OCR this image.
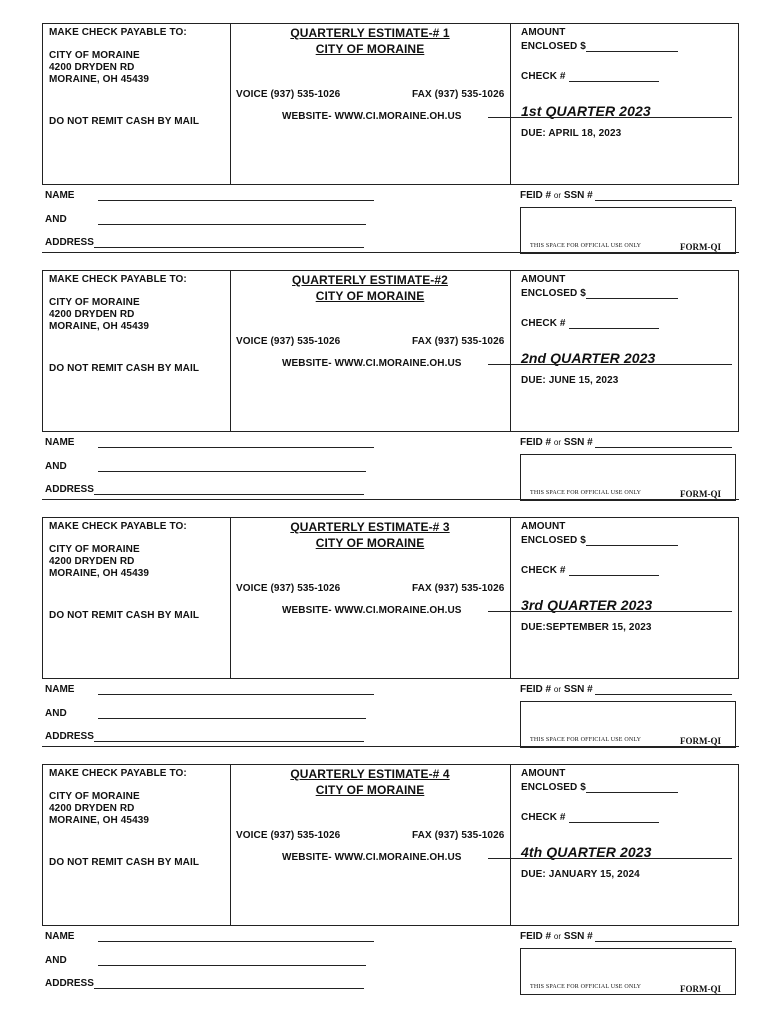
MAKE CHECK PAYABLE TO:
CITY OF MORAINE
4200 DRYDEN RD
MORAINE, OH 45439
DO NOT REMIT CASH BY MAIL
QUARTERLY ESTIMATE-# 1
CITY OF MORAINE
VOICE (937) 535-1026	FAX (937) 535-1026
WEBSITE- WWW.CI.MORAINE.OH.US
AMOUNT
ENCLOSED $
CHECK #
1st QUARTER 2023
DUE: APRIL 18, 2023
NAME
AND
ADDRESS
FEID # or SSN #
THIS SPACE FOR OFFICIAL USE ONLY	FORM-QI
MAKE CHECK PAYABLE TO:
CITY OF MORAINE
4200 DRYDEN RD
MORAINE, OH 45439
DO NOT REMIT CASH BY MAIL
QUARTERLY ESTIMATE-#2
CITY OF MORAINE
VOICE (937) 535-1026	FAX (937) 535-1026
WEBSITE- WWW.CI.MORAINE.OH.US
AMOUNT
ENCLOSED $
CHECK #
2nd QUARTER 2023
DUE: JUNE 15, 2023
NAME
AND
ADDRESS
FEID # or SSN #
THIS SPACE FOR OFFICIAL USE ONLY	FORM-QI
MAKE CHECK PAYABLE TO:
CITY OF MORAINE
4200 DRYDEN RD
MORAINE, OH 45439
DO NOT REMIT CASH BY MAIL
QUARTERLY ESTIMATE-# 3
CITY OF MORAINE
VOICE (937) 535-1026	FAX (937) 535-1026
WEBSITE- WWW.CI.MORAINE.OH.US
AMOUNT
ENCLOSED $
CHECK #
3rd QUARTER 2023
DUE:SEPTEMBER 15, 2023
NAME
AND
ADDRESS
FEID # or SSN #
THIS SPACE FOR OFFICIAL USE ONLY	FORM-QI
MAKE CHECK PAYABLE TO:
CITY OF MORAINE
4200 DRYDEN RD
MORAINE, OH 45439
DO NOT REMIT CASH BY MAIL
QUARTERLY ESTIMATE-# 4
CITY OF MORAINE
VOICE (937) 535-1026	FAX (937) 535-1026
WEBSITE- WWW.CI.MORAINE.OH.US
AMOUNT
ENCLOSED $
CHECK #
4th QUARTER 2023
DUE: JANUARY 15, 2024
NAME
AND
ADDRESS
FEID # or SSN #
THIS SPACE FOR OFFICIAL USE ONLY	FORM-QI
